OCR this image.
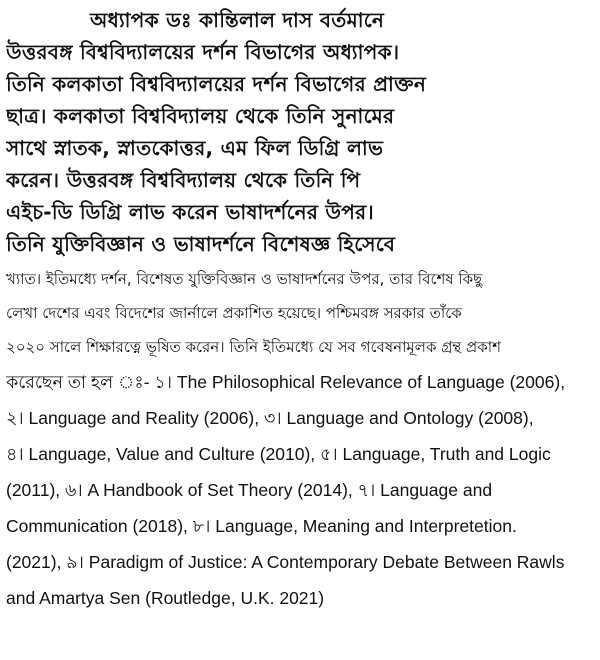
অধ্যাপক ডঃ কান্তিলাল দাস বর্তমানে
উত্তরবঙ্গ বিশ্ববিদ্যালয়ের দর্শন বিভাগের অধ্যাপক।
তিনি কলকাতা বিশ্ববিদ্যালয়ের দর্শন বিভাগের প্রাক্তন
ছাত্র। কলকাতা বিশ্ববিদ্যালয় থেকে তিনি সুনামের
সাথে স্নাতক, স্নাতকোত্তর, এম ফিল ডিগ্রি লাভ
করেন। উত্তরবঙ্গ বিশ্ববিদ্যালয় থেকে তিনি পি
এইচ-ডি ডিগ্রি লাভ করেন ভাষাদর্শনের উপর।
তিনি যুক্তিবিজ্ঞান ও ভাষাদর্শনে বিশেষজ্ঞ হিসেবে
খ্যাত। ইতিমধ্যে দর্শন, বিশেষত যুক্তিবিজ্ঞান ও ভাষাদর্শনের উপর, তার বিশেষ কিছু
লেখা দেশের এবং বিদেশের জার্নালে প্রকাশিত হয়েছে। পশ্চিমবঙ্গ সরকার তাঁকে
২০২০ সালে শিক্ষারত্নে ভূষিত করেন। তিনি ইতিমধ্যে যে সব গবেষনামূলক গ্রন্থ প্রকাশ
করেছেন তা হল ঃ- ১। The Philosophical Relevance of Language (2006),
২। Language and Reality (2006), ৩। Language and Ontology (2008),
৪। Language, Value and Culture (2010), ৫। Language, Truth and Logic
(2011), ৬। A Handbook of Set Theory (2014), ৭। Language and
Communication (2018), ৮। Language, Meaning and Interpretetion.
(2021), ৯। Paradigm of Justice: A Contemporary Debate Between Rawls
and Amartya Sen (Routledge, U.K. 2021)
